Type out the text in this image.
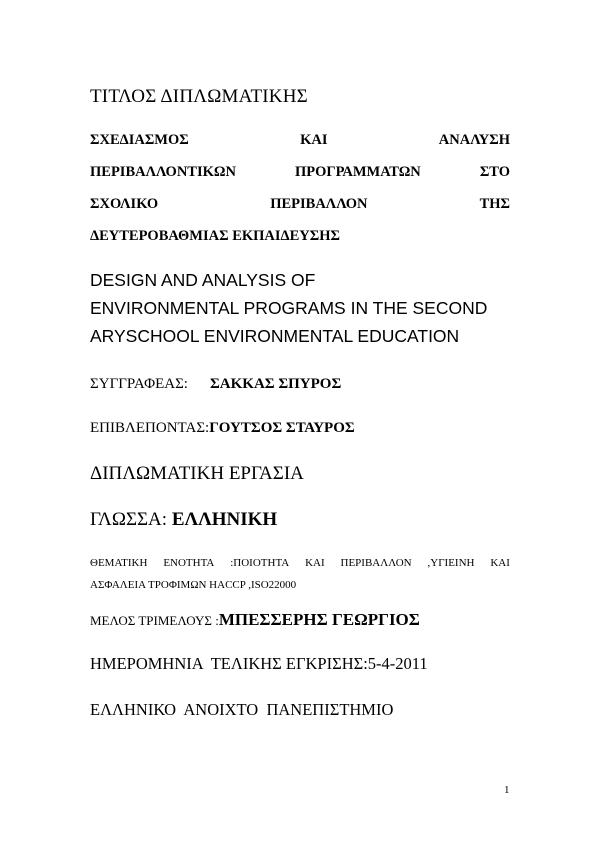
ΤΙΤΛΟΣ ΔΙΠΛΩΜΑΤΙΚΗΣ
ΣΧΕΔΙΑΣΜΟΣ	ΚΑΙ	ΑΝΑΛΥΣΗ
ΠΕΡΙΒΑΛΛΟΝΤΙΚΩΝ	ΠΡΟΓΡΑΜΜΑΤΩΝ	ΣΤΟ
ΣΧΟΛΙΚΟ	ΠΕΡΙΒΑΛΛΟΝ	ΤΗΣ
ΔΕΥΤΕΡΟΒΑΘΜΙΑΣ ΕΚΠΑΙΔΕΥΣΗΣ
DESIGN AND ANALYSIS OF
ENVIRONMENTAL PROGRAMS IN THE SECOND
ARYSCHOOL ENVIRONMENTAL EDUCATION
ΣΥΓΓΡΑΦΕΑΣ: ΣΑΚΚΑΣ ΣΠΥΡΟΣ
ΕΠΙΒΛΕΠΟΝΤΑΣ:ΓΟΥΤΣΟΣ ΣΤΑΥΡΟΣ
ΔΙΠΛΩΜΑΤΙΚΗ ΕΡΓΑΣΙΑ
ΓΛΩΣΣΑ: ΕΛΛΗΝΙΚΗ
ΘΕΜΑΤΙΚΗ ΕΝΟΤΗΤΑ :ΠΟΙΟΤΗΤΑ ΚΑΙ ΠΕΡΙΒΑΛΛΟΝ ,ΥΓΙΕΙΝΗ ΚΑΙ
ΑΣΦΑΛΕΙΑ ΤΡΟΦΙΜΩΝ HACCP ,ISO22000
ΜΕΛΟΣ ΤΡΙΜΕΛΟΥΣ :ΜΠΕΣΣΕΡΗΣ ΓΕΩΡΓΙΟΣ
ΗΜΕΡΟΜΗΝΙΑ  ΤΕΛΙΚΗΣ ΕΓΚΡΙΣΗΣ:5-4-2011
ΕΛΛΗΝΙΚΟ  ΑΝΟΙΧΤΟ  ΠΑΝΕΠΙΣΤΗΜΙΟ
1
